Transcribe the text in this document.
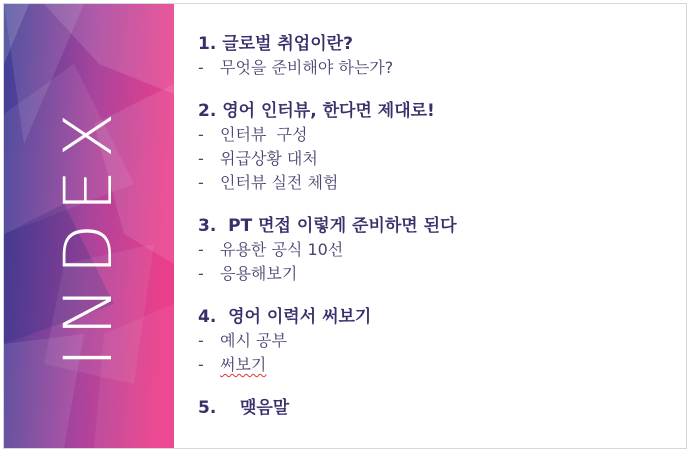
INDEX
1. 글로벌 취업이란?
- 무엇을 준비해야 하는가?
2. 영어 인터뷰, 한다면 제대로!
- 인터뷰  구성
- 위급상황 대처
- 인터뷰 실전 체험
3.  PT 면접 이렇게 준비하면 된다
- 유용한 공식 10선
- 응용해보기
4.  영어 이력서 써보기
- 예시 공부
- 써보기
5.    맺음말
